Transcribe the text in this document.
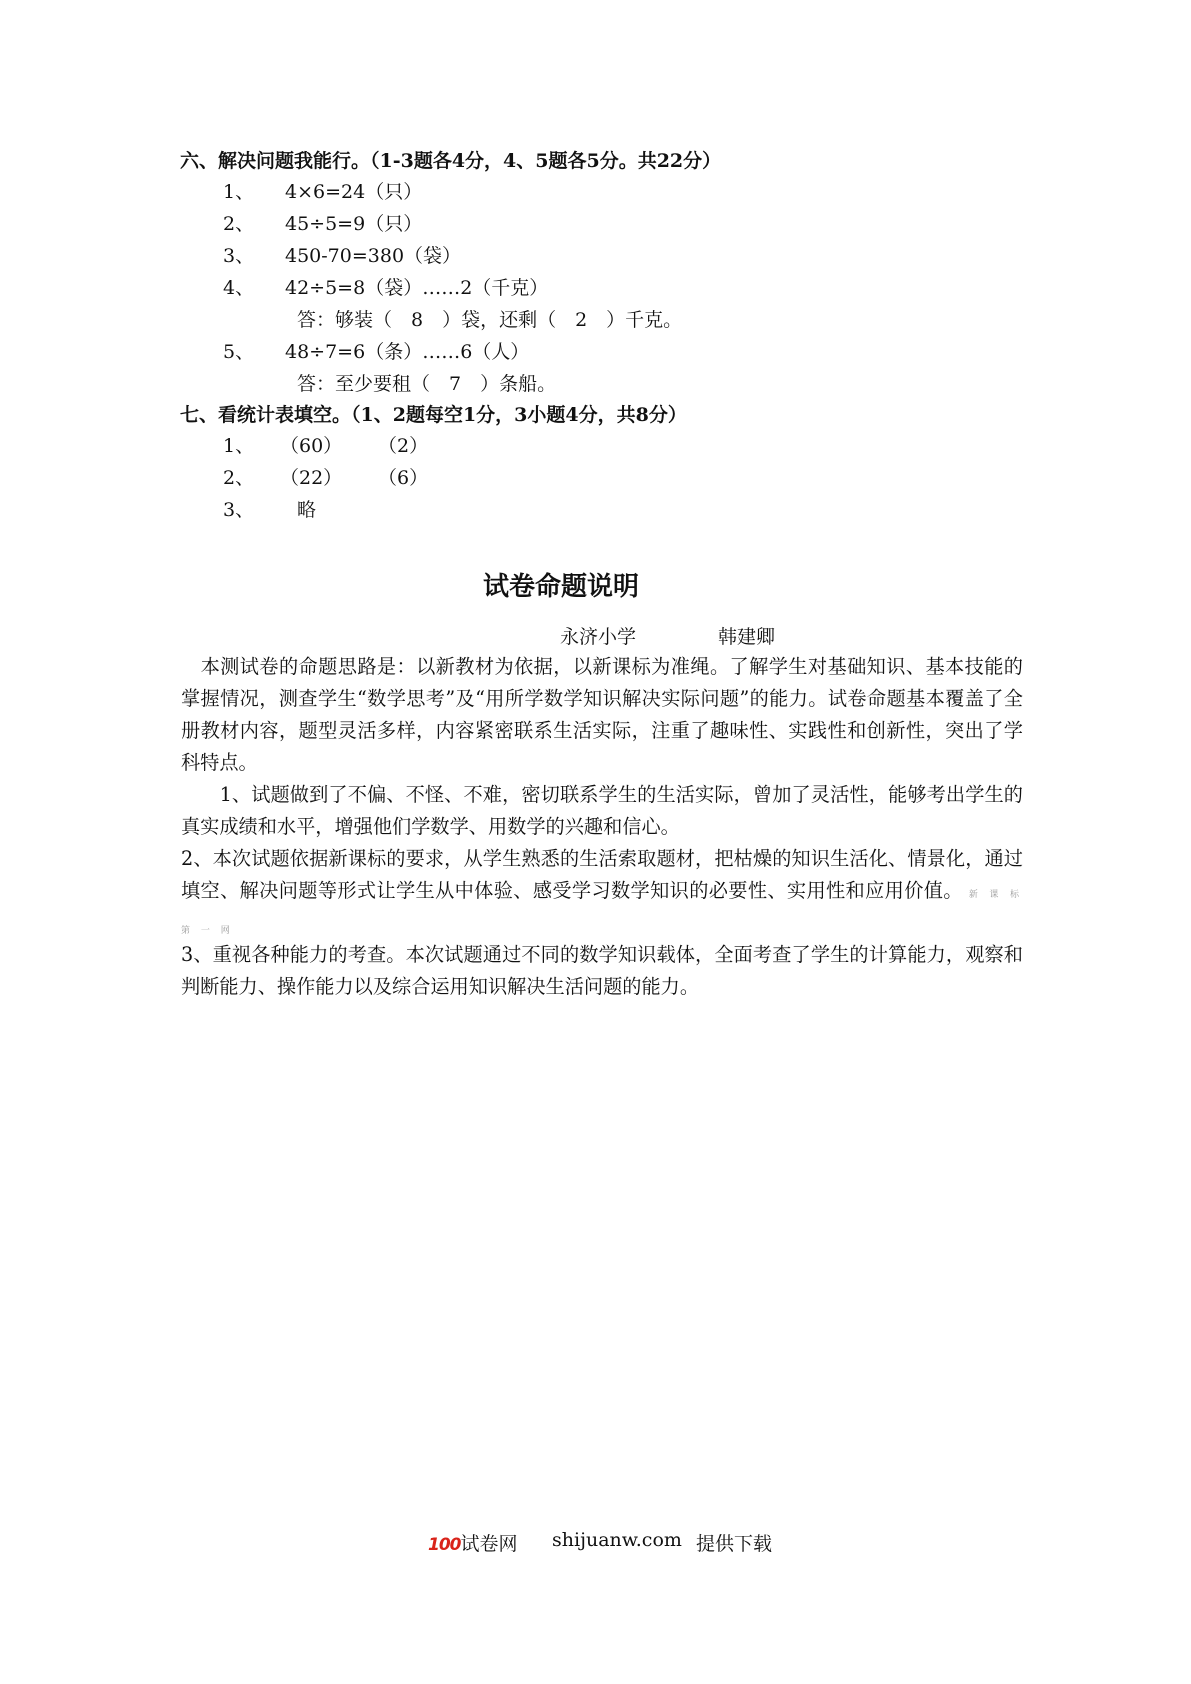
六、解决问题我能行。（1-3题各4分，4、5题各5分。共22分）
1、 4×6=24（只）
2、 45÷5=9（只）
3、 450-70=380（袋）
4、 42÷5=8（袋）……2（千克）
答：够装（　8　）袋，还剩（　2　）千克。
5、 48÷7=6（条）……6（人）
答：至少要租（　7　）条船。
七、看统计表填空。（1、2题每空1分，3小题4分，共8分）
1、 （60） （2）
2、 （22） （6）
3、 略
试卷命题说明
永济小学	韩建卿
　本测试卷的命题思路是：以新教材为依据，以新课标为准绳。了解学生对基础知识、基本技能的掌握情况，测查学生“数学思考”及“用所学数学知识解决实际问题”的能力。试卷命题基本覆盖了全册教材内容，题型灵活多样，内容紧密联系生活实际，注重了趣味性、实践性和创新性，突出了学科特点。
　　1、试题做到了不偏、不怪、不难，密切联系学生的生活实际，曾加了灵活性，能够考出学生的真实成绩和水平，增强他们学数学、用数学的兴趣和信心。
2、本次试题依据新课标的要求，从学生熟悉的生活索取题材，把枯燥的知识生活化、情景化，通过填空、解决问题等形式让学生从中体验、感受学习数学知识的必要性、实用性和应用价值。 新 课 标 第 一 网
3、重视各种能力的考查。本次试题通过不同的数学知识载体，全面考查了学生的计算能力，观察和判断能力、操作能力以及综合运用知识解决生活问题的能力。
100试卷网 shijuanw.com 提供下载
